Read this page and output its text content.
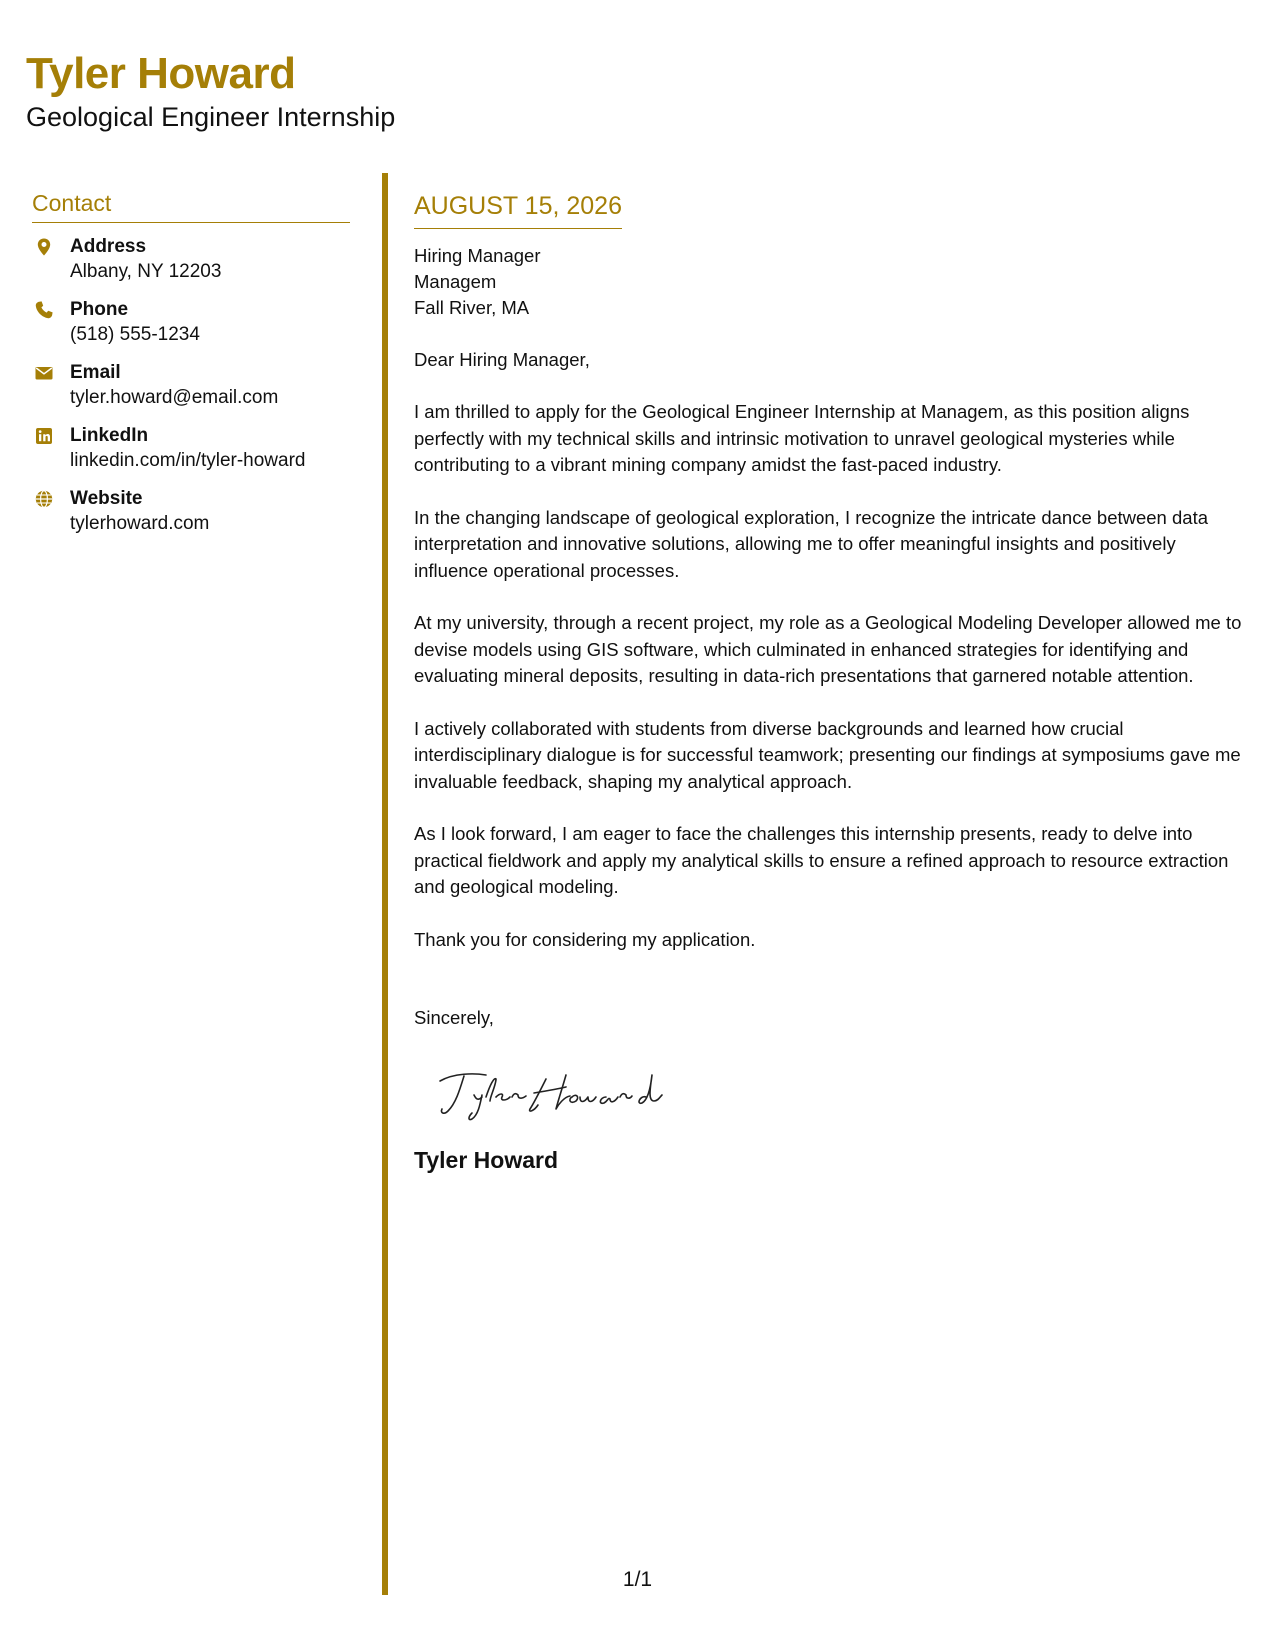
Tyler Howard
Geological Engineer Internship
Contact
Address
Albany, NY 12203
Phone
(518) 555-1234
Email
tyler.howard@email.com
LinkedIn
linkedin.com/in/tyler-howard
Website
tylerhoward.com
AUGUST 15, 2026
Hiring Manager
Managem
Fall River, MA
Dear Hiring Manager,
I am thrilled to apply for the Geological Engineer Internship at Managem, as this position aligns perfectly with my technical skills and intrinsic motivation to unravel geological mysteries while contributing to a vibrant mining company amidst the fast-paced industry.
In the changing landscape of geological exploration, I recognize the intricate dance between data interpretation and innovative solutions, allowing me to offer meaningful insights and positively influence operational processes.
At my university, through a recent project, my role as a Geological Modeling Developer allowed me to devise models using GIS software, which culminated in enhanced strategies for identifying and evaluating mineral deposits, resulting in data-rich presentations that garnered notable attention.
I actively collaborated with students from diverse backgrounds and learned how crucial interdisciplinary dialogue is for successful teamwork; presenting our findings at symposiums gave me invaluable feedback, shaping my analytical approach.
As I look forward, I am eager to face the challenges this internship presents, ready to delve into practical fieldwork and apply my analytical skills to ensure a refined approach to resource extraction and geological modeling.
Thank you for considering my application.
Sincerely,
Tyler Howard
1/1
